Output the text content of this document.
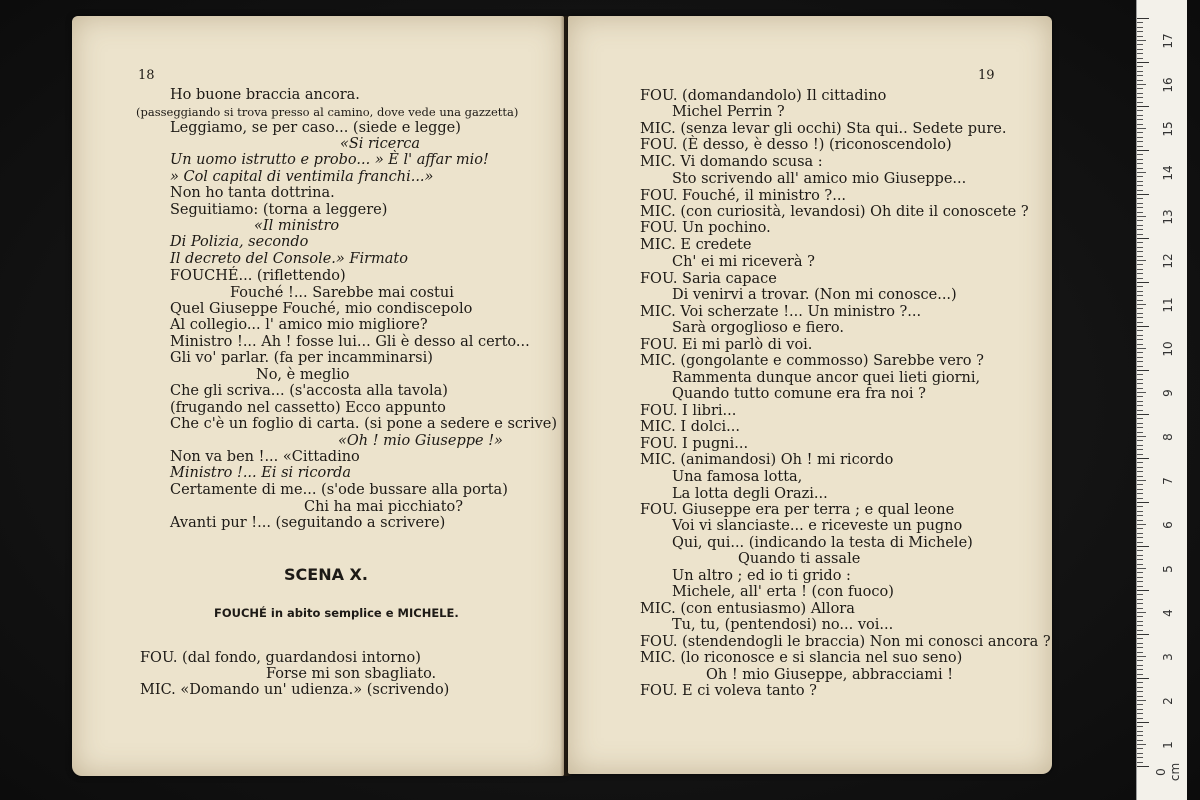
18
Ho buone braccia ancora.
(passeggiando si trova presso al camino, dove vede una gazzetta)
Leggiamo, se per caso... (siede e legge)
«Si ricerca
Un uomo istrutto e probo... » È l' affar mio!
» Col capital di ventimila franchi...»
Non ho tanta dottrina.
Seguitiamo: (torna a leggere)
«Il ministro
Di Polizia, secondo
Il decreto del Console.» Firmato
FOUCHÉ... (riflettendo)
Fouché !... Sarebbe mai costui
Quel Giuseppe Fouché, mio condiscepolo
Al collegio... l' amico mio migliore?
Ministro !... Ah ! fosse lui... Gli è desso al certo...
Gli vo' parlar. (fa per incamminarsi)
No, è meglio
Che gli scriva... (s'accosta alla tavola)
(frugando nel cassetto) Ecco appunto
Che c'è un foglio di carta. (si pone a sedere e scrive)
«Oh ! mio Giuseppe !»
Non va ben !... «Cittadino
Ministro !... Ei si ricorda
Certamente di me... (s'ode bussare alla porta)
Chi ha mai picchiato?
Avanti pur !... (seguitando a scrivere)
SCENA X.
FOUCHÉ in abito semplice e MICHELE.
FOU. (dal fondo, guardandosi intorno)
Forse mi son sbagliato.
MIC. «Domando un' udienza.» (scrivendo)
19
FOU. (domandandolo) Il cittadino
Michel Perrin ?
MIC. (senza levar gli occhi) Sta qui.. Sedete pure.
FOU. (È desso, è desso !) (riconoscendolo)
MIC. Vi domando scusa :
Sto scrivendo all' amico mio Giuseppe...
FOU. Fouché, il ministro ?...
MIC. (con curiosità, levandosi) Oh dite il conoscete ?
FOU. Un pochino.
MIC. E credete
Ch' ei mi riceverà ?
FOU. Saria capace
Di venirvi a trovar. (Non mi conosce...)
MIC. Voi scherzate !... Un ministro ?...
Sarà orgoglioso e fiero.
FOU. Ei mi parlò di voi.
MIC. (gongolante e commosso) Sarebbe vero ?
Rammenta dunque ancor quei lieti giorni,
Quando tutto comune era fra noi ?
FOU. I libri...
MIC. I dolci...
FOU. I pugni...
MIC. (animandosi) Oh ! mi ricordo
Una famosa lotta,
La lotta degli Orazi...
FOU. Giuseppe era per terra ; e qual leone
Voi vi slanciaste... e riceveste un pugno
Qui, qui... (indicando la testa di Michele)
Quando ti assale
Un altro ; ed io ti grido :
Michele, all' erta ! (con fuoco)
MIC. (con entusiasmo) Allora
Tu, tu, (pentendosi) no... voi...
FOU. (stendendogli le braccia) Non mi conosci ancora ?
MIC. (lo riconosce e si slancia nel suo seno)
Oh ! mio Giuseppe, abbracciami !
FOU. E ci voleva tanto ?
0 cm
1
2
3
4
5
6
7
8
9
10
11
12
13
14
15
16
17
